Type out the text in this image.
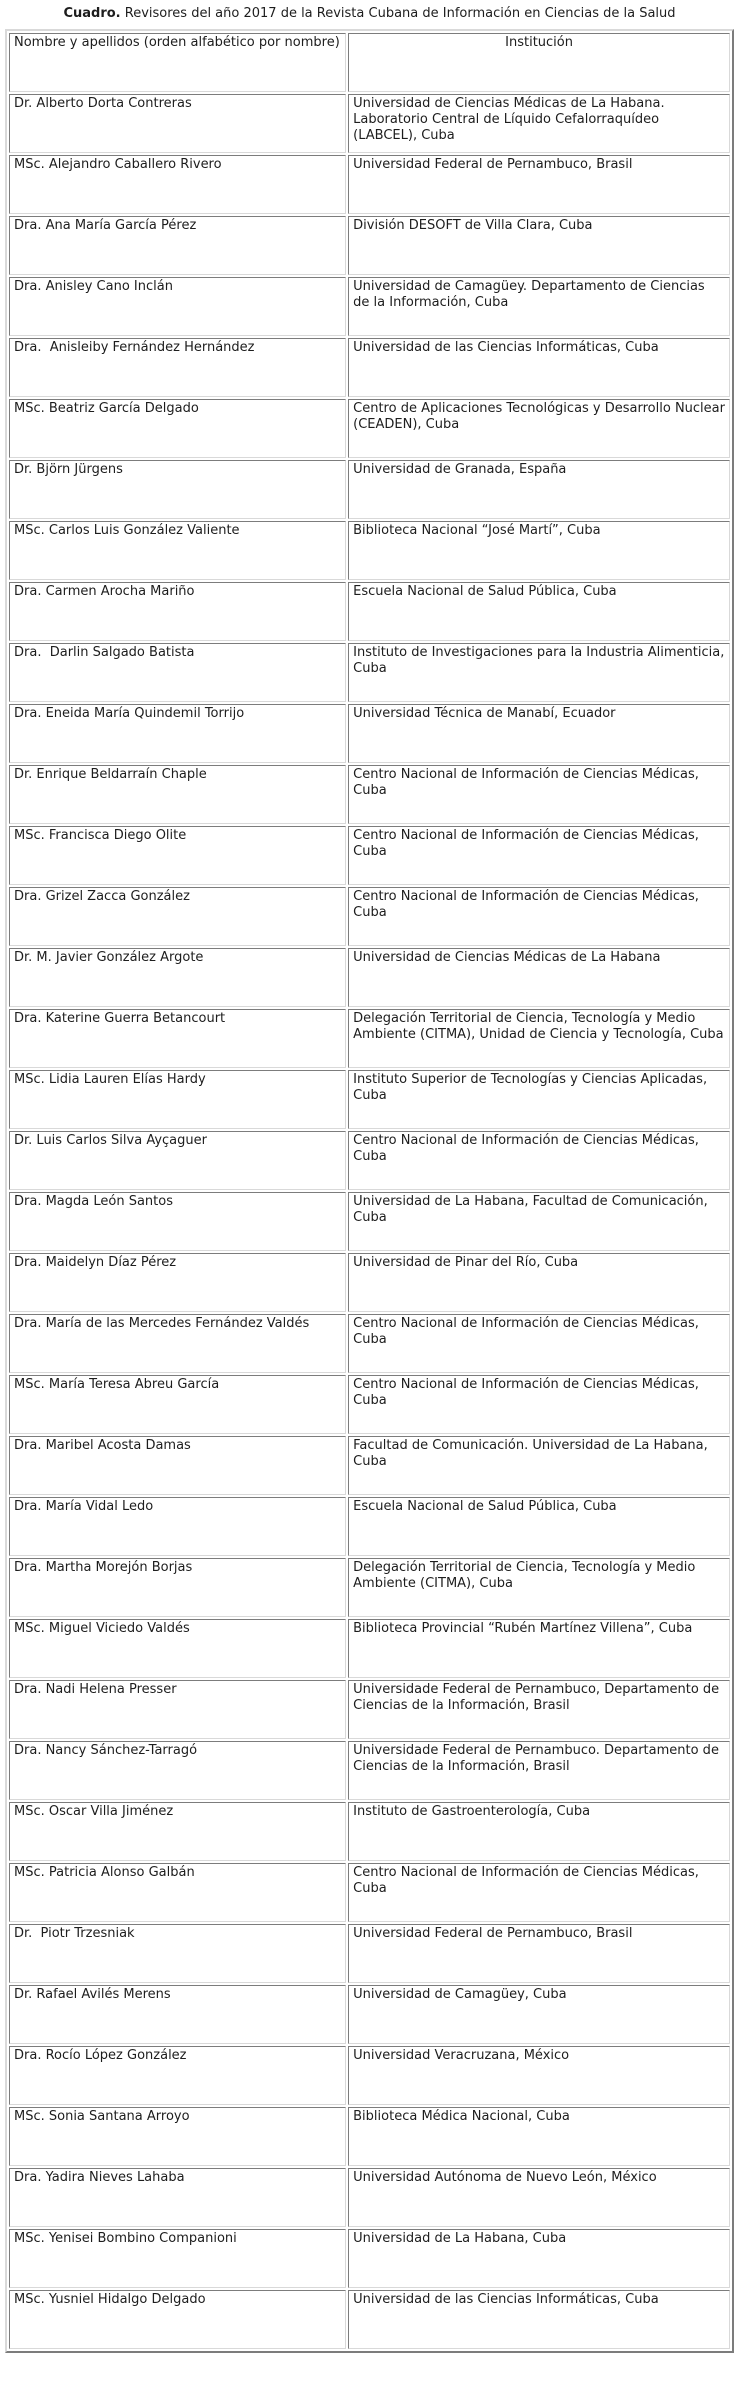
Cuadro. Revisores del año 2017 de la Revista Cubana de Información en Ciencias de la Salud

Nombre y apellidos (orden alfabético por nombre)	Institución
Dr. Alberto Dorta Contreras	Universidad de Ciencias Médicas de La Habana. Laboratorio Central de Líquido Cefalorraquídeo (LABCEL), Cuba
MSc. Alejandro Caballero Rivero	Universidad Federal de Pernambuco, Brasil
Dra. Ana María García Pérez	División DESOFT de Villa Clara, Cuba
Dra. Anisley Cano Inclán	Universidad de Camagüey. Departamento de Ciencias de la Información, Cuba
Dra.  Anisleiby Fernández Hernández	Universidad de las Ciencias Informáticas, Cuba
MSc. Beatriz García Delgado	Centro de Aplicaciones Tecnológicas y Desarrollo Nuclear (CEADEN), Cuba
Dr. Björn Jürgens	Universidad de Granada, España
MSc. Carlos Luis González Valiente	Biblioteca Nacional “José Martí”, Cuba
Dra. Carmen Arocha Mariño	Escuela Nacional de Salud Pública, Cuba
Dra.  Darlin Salgado Batista	Instituto de Investigaciones para la Industria Alimenticia, Cuba
Dra. Eneida María Quindemil Torrijo	Universidad Técnica de Manabí, Ecuador
Dr. Enrique Beldarraín Chaple	Centro Nacional de Información de Ciencias Médicas, Cuba
MSc. Francisca Diego Olite	Centro Nacional de Información de Ciencias Médicas, Cuba
Dra. Grizel Zacca González	Centro Nacional de Información de Ciencias Médicas, Cuba
Dr. M. Javier González Argote	Universidad de Ciencias Médicas de La Habana
Dra. Katerine Guerra Betancourt	Delegación Territorial de Ciencia, Tecnología y Medio Ambiente (CITMA), Unidad de Ciencia y Tecnología, Cuba
MSc. Lidia Lauren Elías Hardy	Instituto Superior de Tecnologías y Ciencias Aplicadas, Cuba
Dr. Luis Carlos Silva Ayçaguer	Centro Nacional de Información de Ciencias Médicas, Cuba
Dra. Magda León Santos	Universidad de La Habana, Facultad de Comunicación, Cuba
Dra. Maidelyn Díaz Pérez	Universidad de Pinar del Río, Cuba
Dra. María de las Mercedes Fernández Valdés	Centro Nacional de Información de Ciencias Médicas, Cuba
MSc. María Teresa Abreu García	Centro Nacional de Información de Ciencias Médicas, Cuba
Dra. Maribel Acosta Damas	Facultad de Comunicación. Universidad de La Habana, Cuba
Dra. María Vidal Ledo	Escuela Nacional de Salud Pública, Cuba
Dra. Martha Morejón Borjas	Delegación Territorial de Ciencia, Tecnología y Medio Ambiente (CITMA), Cuba
MSc. Miguel Viciedo Valdés	Biblioteca Provincial “Rubén Martínez Villena”, Cuba
Dra. Nadi Helena Presser	Universidade Federal de Pernambuco, Departamento de Ciencias de la Información, Brasil
Dra. Nancy Sánchez-Tarragó	Universidade Federal de Pernambuco. Departamento de Ciencias de la Información, Brasil
MSc. Oscar Villa Jiménez	Instituto de Gastroenterología, Cuba
MSc. Patricia Alonso Galbán	Centro Nacional de Información de Ciencias Médicas, Cuba
Dr.  Piotr Trzesniak	Universidad Federal de Pernambuco, Brasil
Dr. Rafael Avilés Merens	Universidad de Camagüey, Cuba
Dra. Rocío López González	Universidad Veracruzana, México
MSc. Sonia Santana Arroyo	Biblioteca Médica Nacional, Cuba
Dra. Yadira Nieves Lahaba	Universidad Autónoma de Nuevo León, México
MSc. Yenisei Bombino Companioni	Universidad de La Habana, Cuba
MSc. Yusniel Hidalgo Delgado	Universidad de las Ciencias Informáticas, Cuba
